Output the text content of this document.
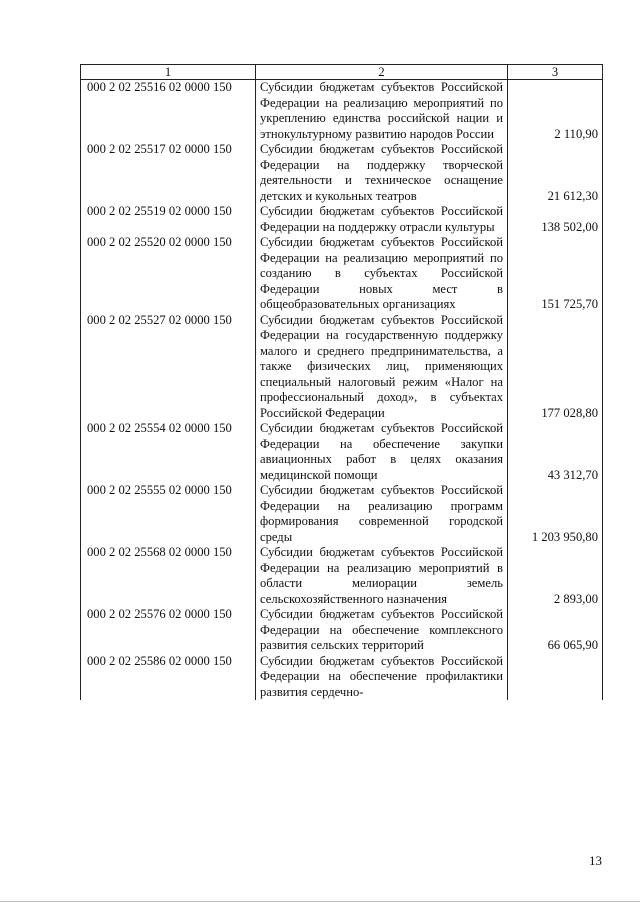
1	2	3
000 2 02 25516 02 0000 150	Субсидии бюджетам субъектов Российской Федерации на реализацию мероприятий по укреплению единства российской нации и этнокультурному развитию народов России	2 110,90
000 2 02 25517 02 0000 150	Субсидии бюджетам субъектов Российской Федерации на поддержку творческой деятельности и техническое оснащение детских и кукольных театров	21 612,30
000 2 02 25519 02 0000 150	Субсидии бюджетам субъектов Российской Федерации на поддержку отрасли культуры	138 502,00
000 2 02 25520 02 0000 150	Субсидии бюджетам субъектов Российской Федерации на реализацию мероприятий по созданию в субъектах Российской Федерации новых мест в общеобразовательных организациях	151 725,70
000 2 02 25527 02 0000 150	Субсидии бюджетам субъектов Российской Федерации на государственную поддержку малого и среднего предпринимательства, а также физических лиц, применяющих специальный налоговый режим «Налог на профессиональный доход», в субъектах Российской Федерации	177 028,80
000 2 02 25554 02 0000 150	Субсидии бюджетам субъектов Российской Федерации на обеспечение закупки авиационных работ в целях оказания медицинской помощи	43 312,70
000 2 02 25555 02 0000 150	Субсидии бюджетам субъектов Российской Федерации на реализацию программ формирования современной городской среды	1 203 950,80
000 2 02 25568 02 0000 150	Субсидии бюджетам субъектов Российской Федерации на реализацию мероприятий в области мелиорации земель сельскохозяйственного назначения	2 893,00
000 2 02 25576 02 0000 150	Субсидии бюджетам субъектов Российской Федерации на обеспечение комплексного развития сельских территорий	66 065,90
000 2 02 25586 02 0000 150	Субсидии бюджетам субъектов Российской Федерации на обеспечение профилактики развития сердечно-	
13
